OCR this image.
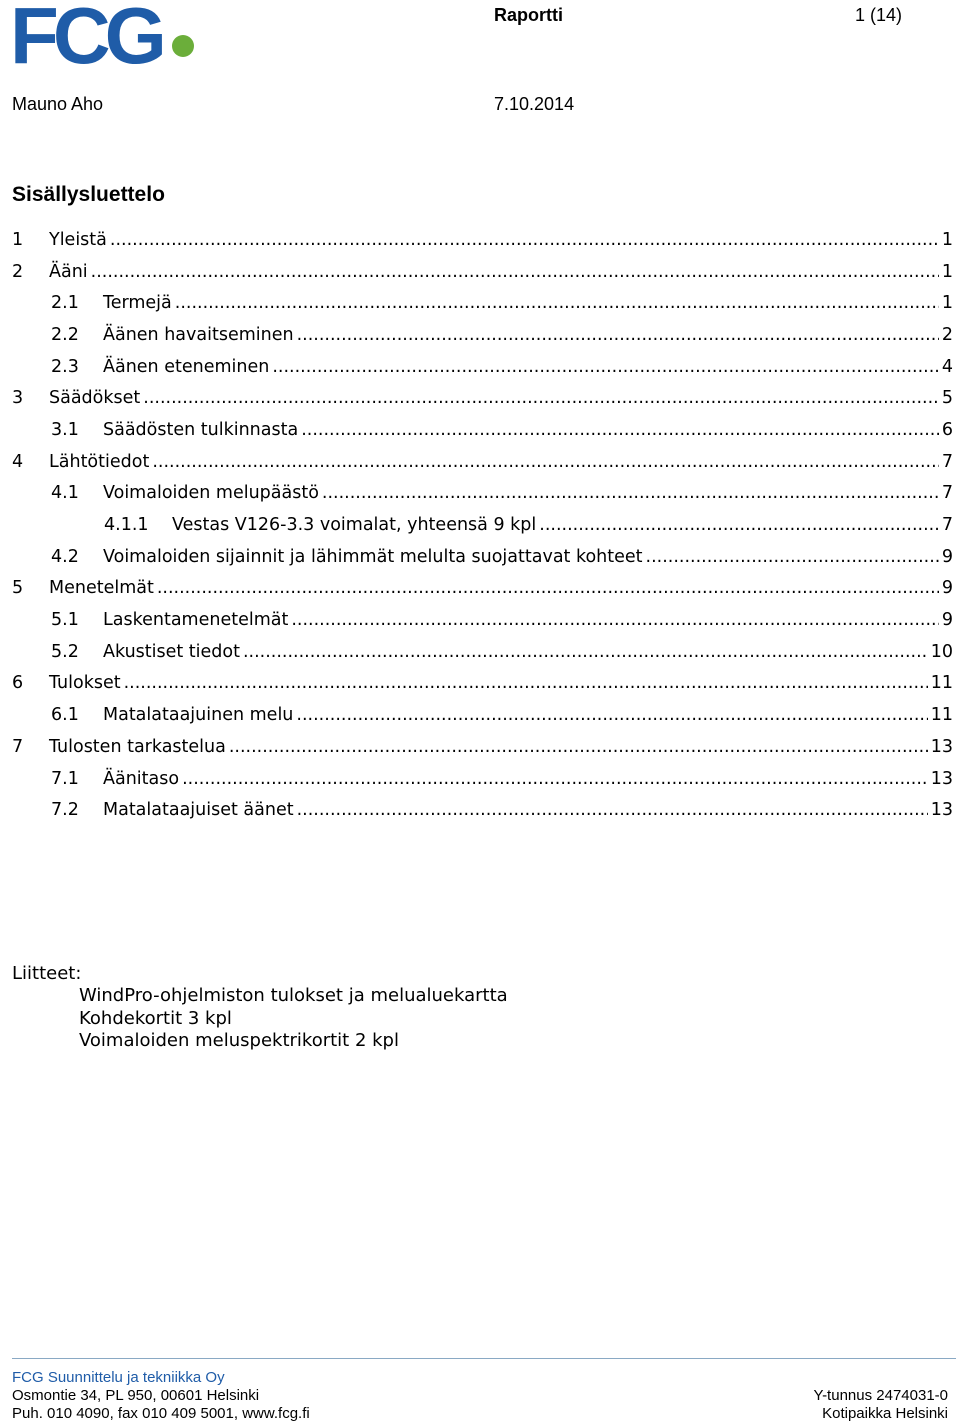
FCG	Raportti	1 (14)
Mauno Aho	7.10.2014
Sisällysluettelo
1	Yleistä .....	1
2	Ääni .....	1
2.1	Termejä .....	1
2.2	Äänen havaitseminen .....	2
2.3	Äänen eteneminen .....	4
3	Säädökset .....	5
3.1	Säädösten tulkinnasta .....	6
4	Lähtötiedot .....	7
4.1	Voimaloiden melupäästö .....	7
4.1.1	Vestas V126-3.3 voimalat, yhteensä 9 kpl .....	7
4.2	Voimaloiden sijainnit ja lähimmät melulta suojattavat kohteet .....	9
5	Menetelmät .....	9
5.1	Laskentamenetelmät .....	9
5.2	Akustiset tiedot .....	10
6	Tulokset .....	11
6.1	Matalataajuinen melu .....	11
7	Tulosten tarkastelua .....	13
7.1	Äänitaso .....	13
7.2	Matalataajuiset äänet .....	13
Liitteet:
WindPro-ohjelmiston tulokset ja melualuekartta
Kohdekortit 3 kpl
Voimaloiden meluspektrikortit 2 kpl
FCG Suunnittelu ja tekniikka Oy
Osmontie 34, PL 950, 00601 Helsinki
Puh. 010 4090, fax 010 409 5001, www.fcg.fi
Y-tunnus 2474031-0
Kotipaikka Helsinki
